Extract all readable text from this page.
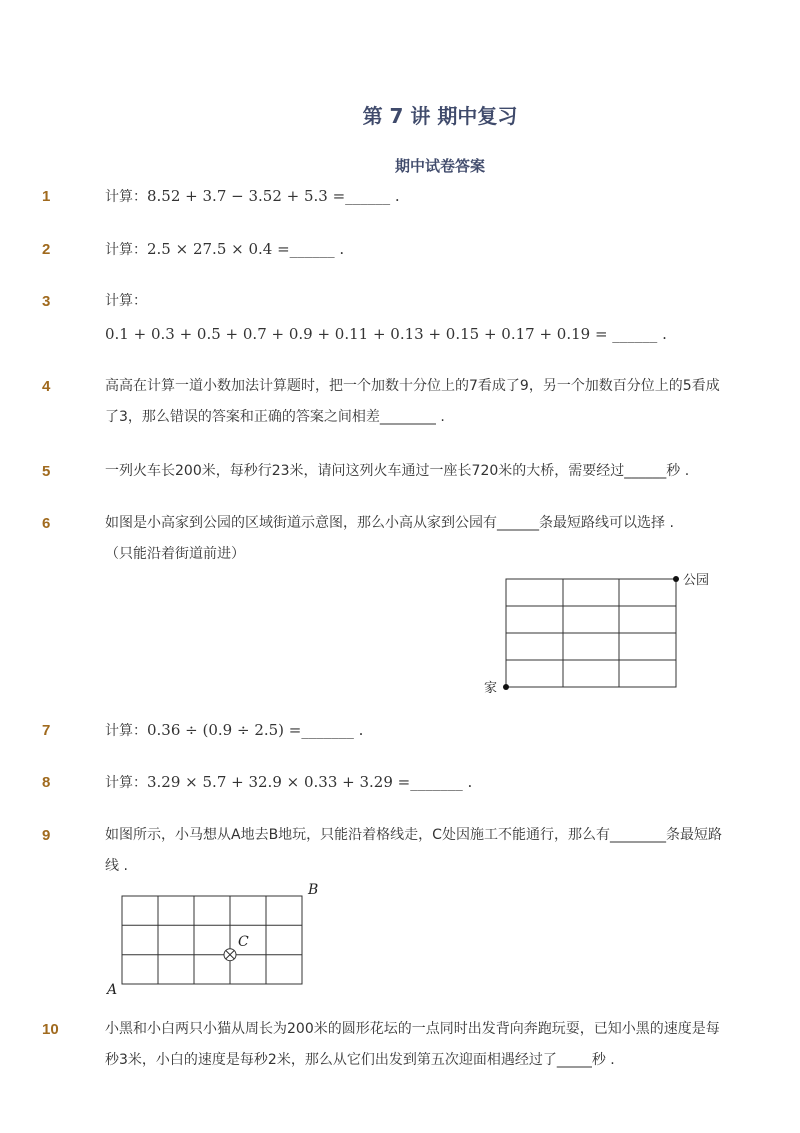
第 7 讲 期中复习
期中试卷答案
1	计算：8.52 + 3.7 − 3.52 + 5.3 =______ .
2	计算：2.5 × 27.5 × 0.4 =______ .
3	计算：
0.1 + 0.3 + 0.5 + 0.7 + 0.9 + 0.11 + 0.13 + 0.15 + 0.17 + 0.19 = ______ .
4	高高在计算一道小数加法计算题时，把一个加数十分位上的7看成了9，另一个加数百分位上的5看成了3，那么错误的答案和正确的答案之间相差________ .
5	一列火车长200米，每秒行23米，请问这列火车通过一座长720米的大桥，需要经过______秒 .
6	如图是小高家到公园的区域街道示意图，那么小高从家到公园有______条最短路线可以选择 .
（只能沿着街道前进）
公园
家
7	计算：0.36 ÷ (0.9 ÷ 2.5) =_______ .
8	计算：3.29 × 5.7 + 32.9 × 0.33 + 3.29 =_______ .
9	如图所示，小马想从A地去B地玩，只能沿着格线走，C处因施工不能通行，那么有________条最短路线 .
C
A
B
10	小黑和小白两只小猫从周长为200米的圆形花坛的一点同时出发背向奔跑玩耍，已知小黑的速度是每秒3米，小白的速度是每秒2米，那么从它们出发到第五次迎面相遇经过了_____秒 .
